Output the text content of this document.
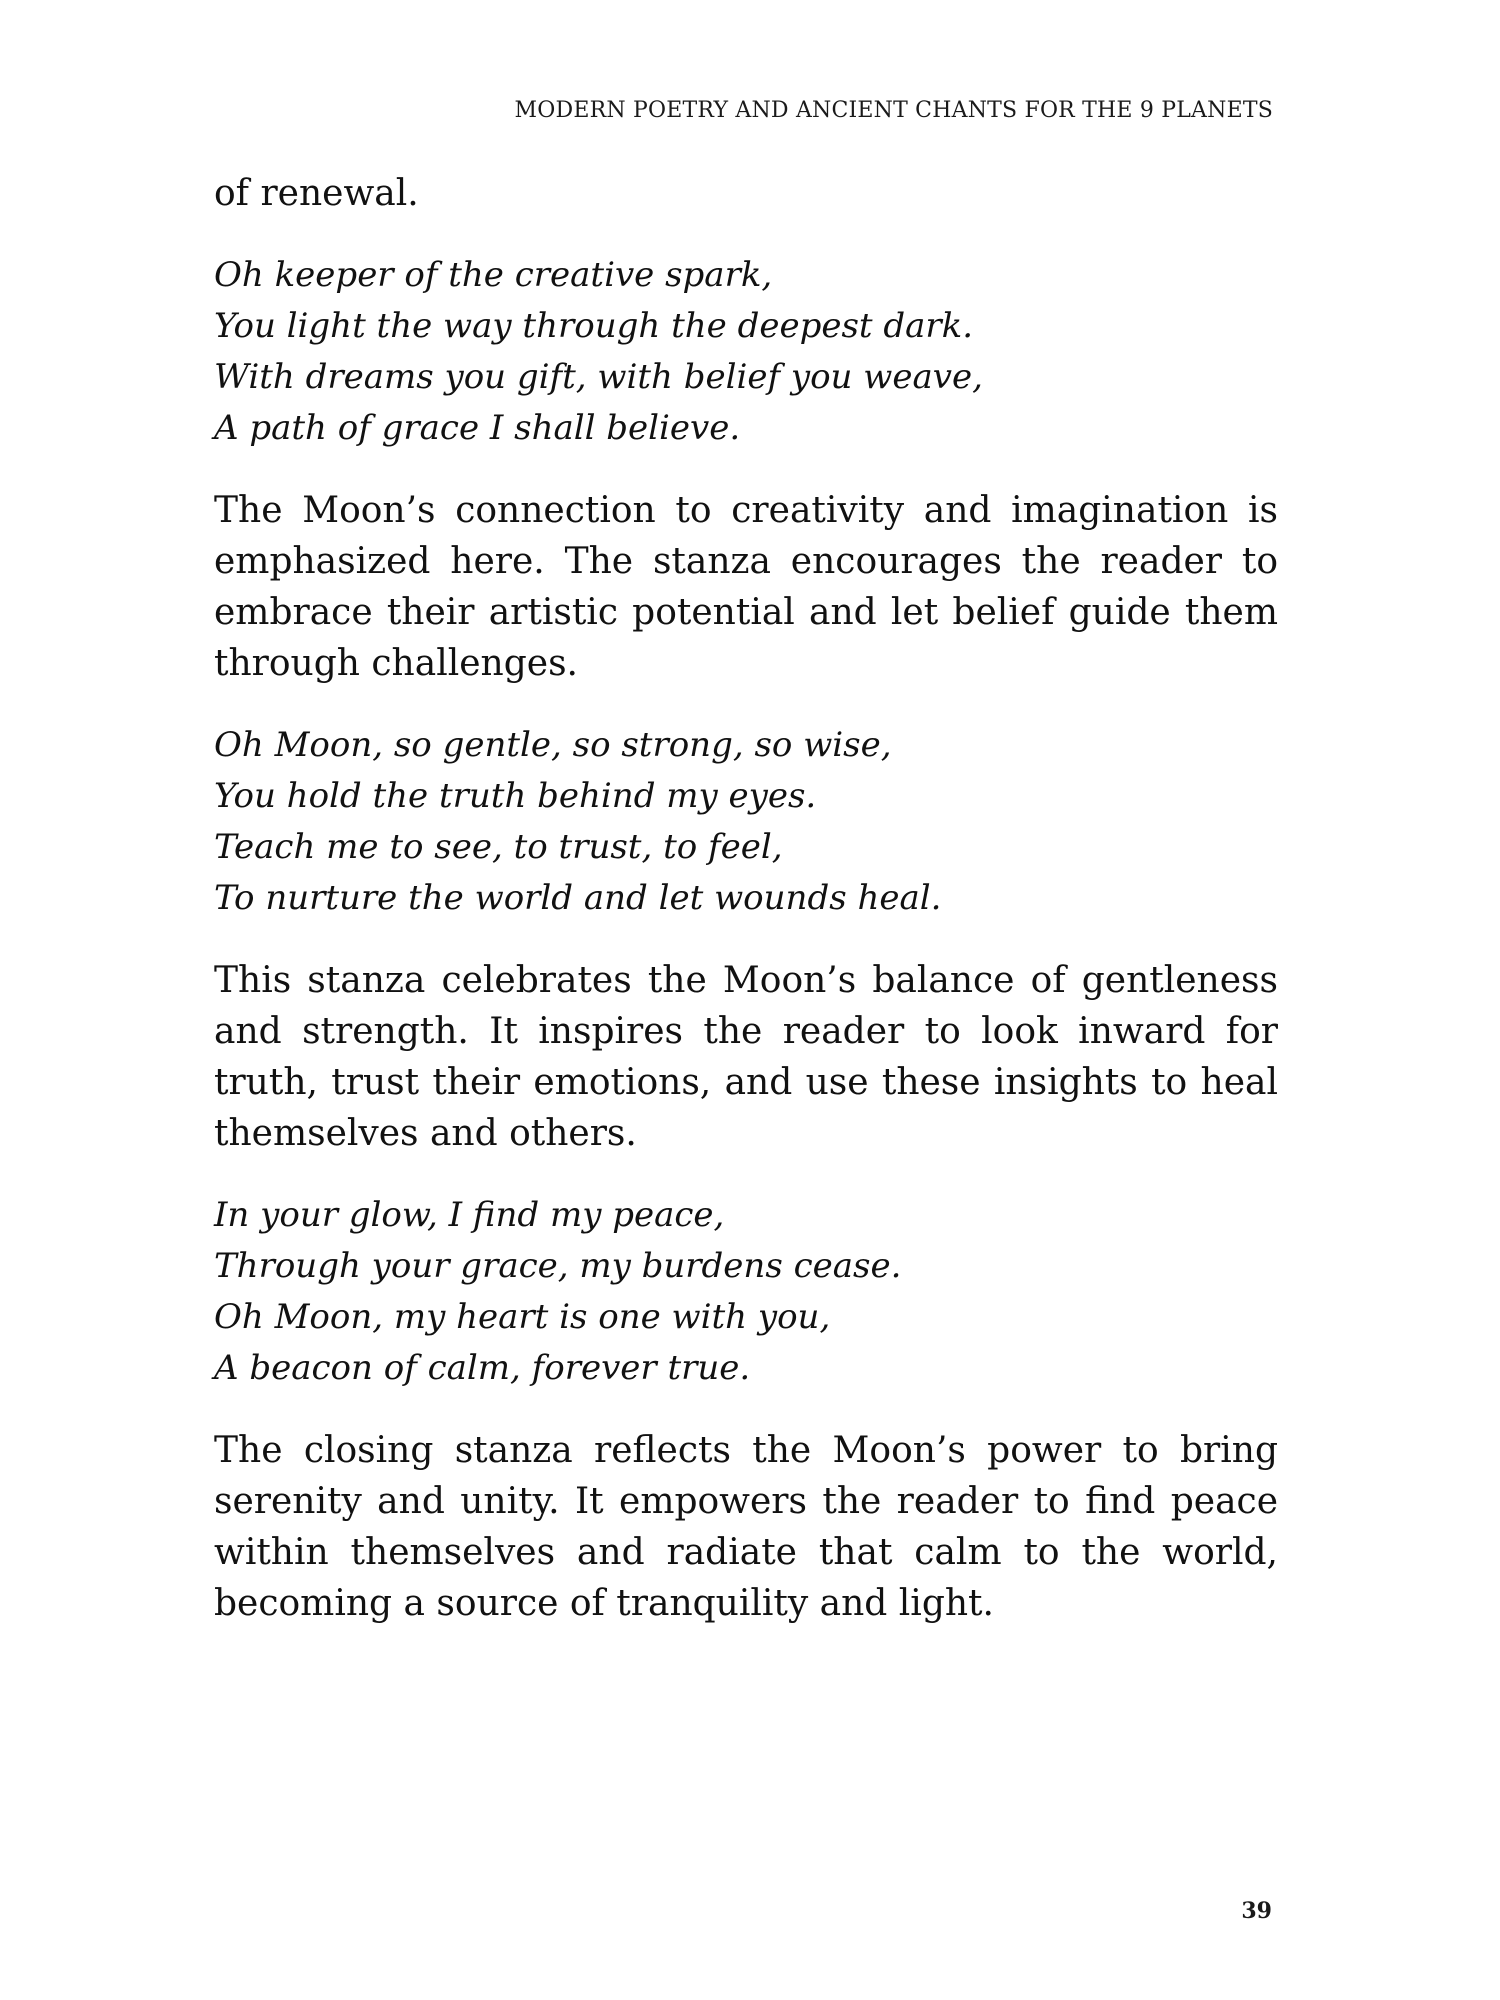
MODERN POETRY AND ANCIENT CHANTS FOR THE 9 PLANETS

of renewal.

Oh keeper of the creative spark,
You light the way through the deepest dark.
With dreams you gift, with belief you weave,
A path of grace I shall believe.

The Moon’s connection to creativity and imagination is emphasized here. The stanza encourages the reader to embrace their artistic potential and let belief guide them through challenges.

Oh Moon, so gentle, so strong, so wise,
You hold the truth behind my eyes.
Teach me to see, to trust, to feel,
To nurture the world and let wounds heal.

This stanza celebrates the Moon’s balance of gentleness and strength. It inspires the reader to look inward for truth, trust their emotions, and use these insights to heal themselves and others.

In your glow, I find my peace,
Through your grace, my burdens cease.
Oh Moon, my heart is one with you,
A beacon of calm, forever true.

The closing stanza reflects the Moon’s power to bring serenity and unity. It empowers the reader to find peace within themselves and radiate that calm to the world, becoming a source of tranquility and light.

39
